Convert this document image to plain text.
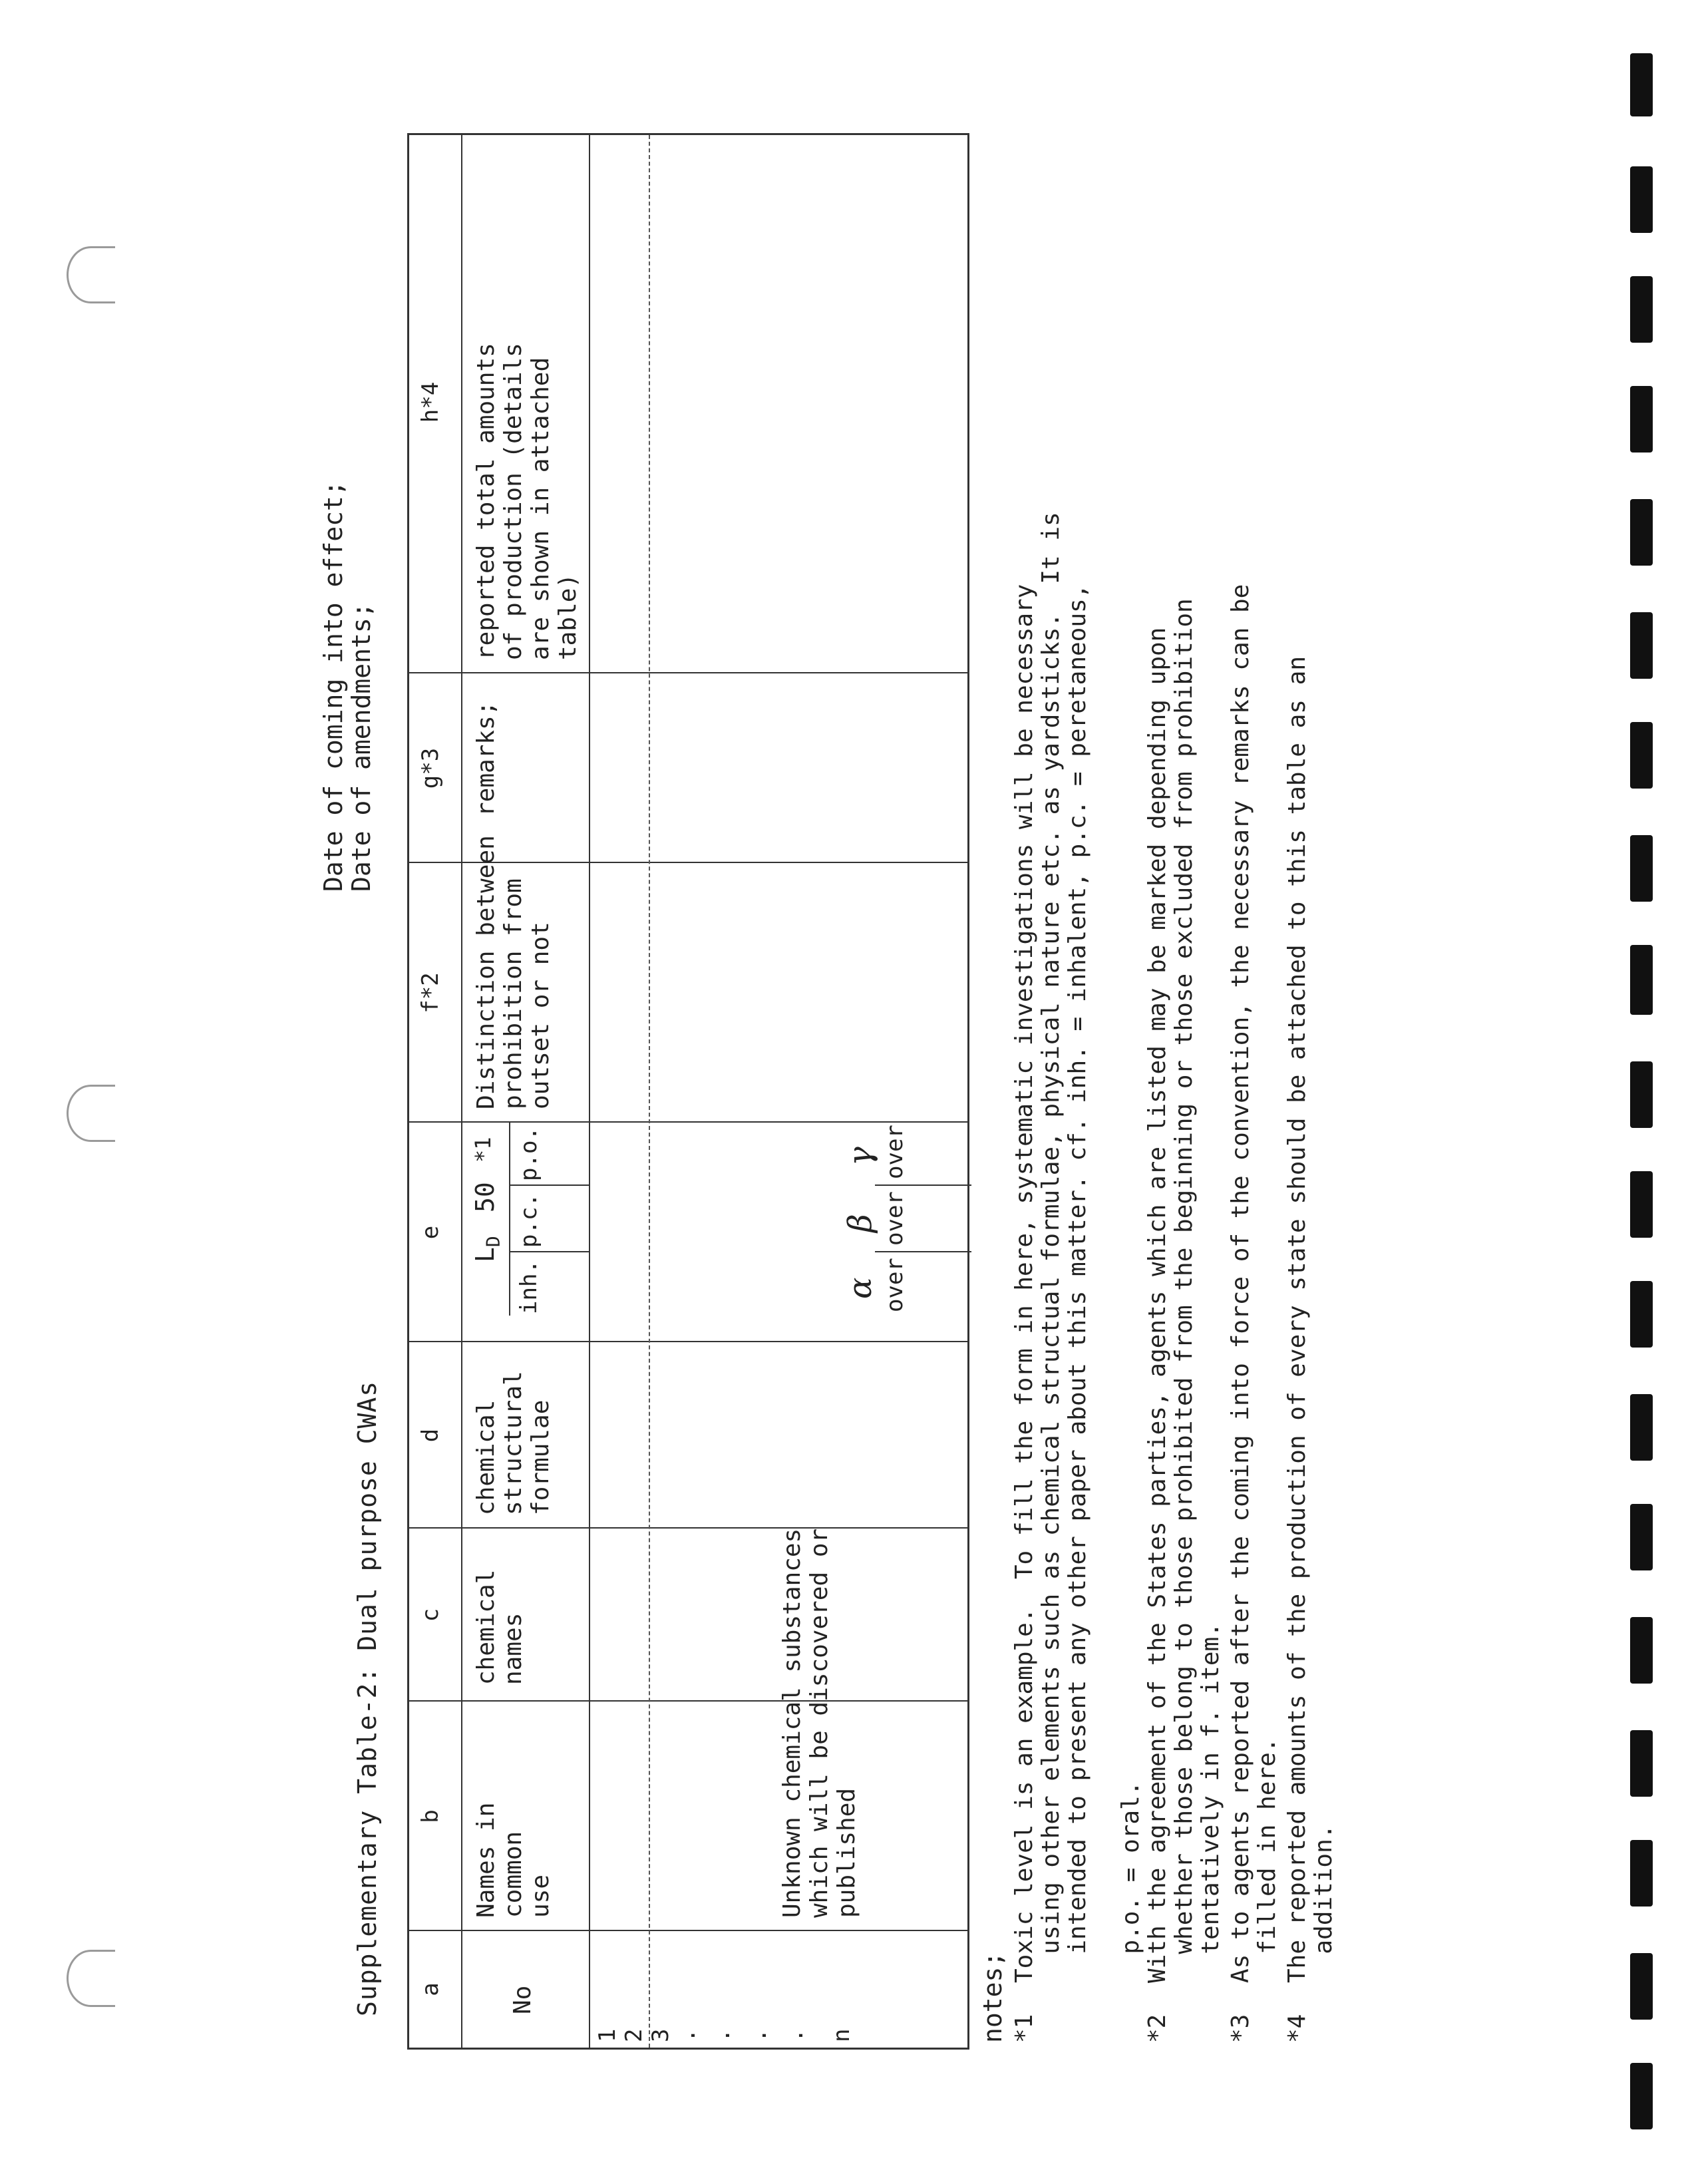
Supplementary Table-2: Dual purpose CWAs
Date of coming into effect;
Date of amendments;
a
b
c
d
e
f*2
g*3
h*4
No
Names in
common
use
chemical
names
chemical
structural
formulae
$L_D$
50
*1
inh.
p.c.
p.o.
Distinction between
prohibition from
outset or not
remarks;
reported total amounts
of production (details
are shown in attached
table)
1 2 3 . . . . n
Unknown chemical substances
which will be discovered or
published
α
β
γ
over
over
over
notes; *1
Toxic level is an example.  To fill the form in here, systematic investigations will be necessary
using other elements such as chemical structual formulae, physical nature etc. as yardsticks.  It is
intended to present any other paper about this matter. cf. inh. = inhalent, p.c. = peretaneous,

p.o. = oral.
*2
With the agreement of the States parties, agents which are listed may be marked depending upon
whether those belong to those prohibited from the beginning or those excluded from prohibition
tentatively in f. item.
*3
As to agents reported after the coming into force of the convention, the necessary remarks can be
filled in here.
*4
The reported amounts of the production of every state should be attached to this table as an
addition.
